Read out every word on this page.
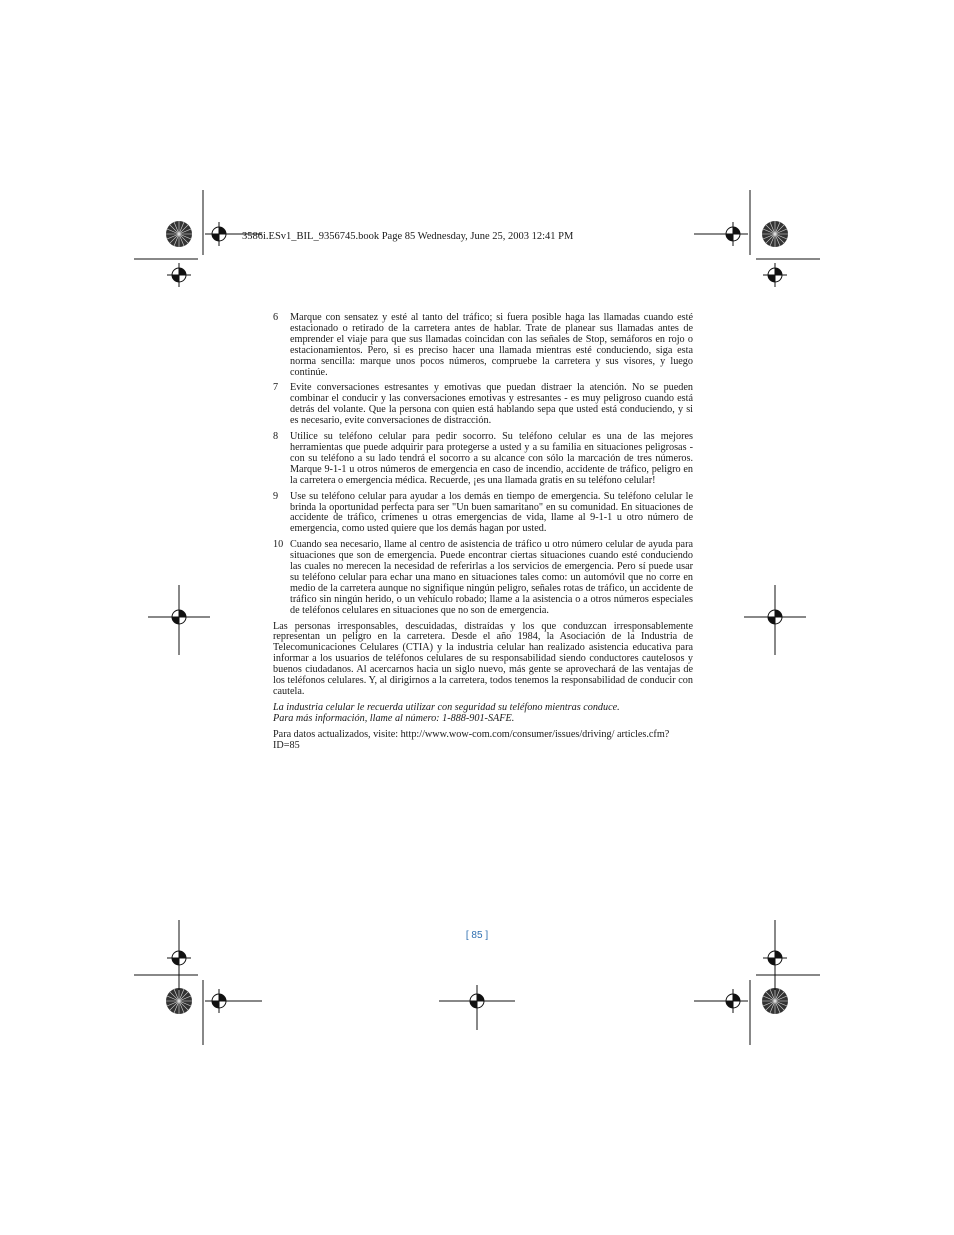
3586i.ESv1_BIL_9356745.book Page 85 Wednesday, June 25, 2003 12:41 PM
6 Marque con sensatez y esté al tanto del tráfico; si fuera posible haga las llamadas cuando esté estacionado o retirado de la carretera antes de hablar. Trate de planear sus llamadas antes de emprender el viaje para que sus llamadas coincidan con las señales de Stop, semáforos en rojo o estacionamientos. Pero, si es preciso hacer una llamada mientras esté conduciendo, siga esta norma sencilla: marque unos pocos números, compruebe la carretera y sus visores, y luego continúe.
7 Evite conversaciones estresantes y emotivas que puedan distraer la atención. No se pueden combinar el conducir y las conversaciones emotivas y estresantes - es muy peligroso cuando está detrás del volante. Que la persona con quien está hablando sepa que usted está conduciendo, y si es necesario, evite conversaciones de distracción.
8 Utilice su teléfono celular para pedir socorro. Su teléfono celular es una de las mejores herramientas que puede adquirir para protegerse a usted y a su familia en situaciones peligrosas - con su teléfono a su lado tendrá el socorro a su alcance con sólo la marcación de tres números. Marque 9-1-1 u otros números de emergencia en caso de incendio, accidente de tráfico, peligro en la carretera o emergencia médica. Recuerde, ¡es una llamada gratis en su teléfono celular!
9 Use su teléfono celular para ayudar a los demás en tiempo de emergencia. Su teléfono celular le brinda la oportunidad perfecta para ser "Un buen samaritano" en su comunidad. En situaciones de accidente de tráfico, crímenes u otras emergencias de vida, llame al 9-1-1 u otro número de emergencia, como usted quiere que los demás hagan por usted.
10 Cuando sea necesario, llame al centro de asistencia de tráfico u otro número celular de ayuda para situaciones que son de emergencia. Puede encontrar ciertas situaciones cuando esté conduciendo las cuales no merecen la necesidad de referirlas a los servicios de emergencia. Pero sí puede usar su teléfono celular para echar una mano en situaciones tales como: un automóvil que no corre en medio de la carretera aunque no signifique ningún peligro, señales rotas de tráfico, un accidente de tráfico sin ningún herido, o un vehículo robado; llame a la asistencia o a otros números especiales de teléfonos celulares en situaciones que no son de emergencia.

Las personas irresponsables, descuidadas, distraídas y los que conduzcan irresponsablemente representan un peligro en la carretera. Desde el año 1984, la Asociación de la Industria de Telecomunicaciones Celulares (CTIA) y la industria celular han realizado asistencia educativa para informar a los usuarios de teléfonos celulares de su responsabilidad siendo conductores cautelosos y buenos ciudadanos. Al acercarnos hacia un siglo nuevo, más gente se aprovechará de las ventajas de los teléfonos celulares. Y, al dirigirnos a la carretera, todos tenemos la responsabilidad de conducir con cautela.

La industria celular le recuerda utilizar con seguridad su teléfono mientras conduce.
Para más información, llame al número: 1-888-901-SAFE.

Para datos actualizados, visite: http://www.wow-com.com/consumer/issues/driving/ articles.cfm?ID=85

[ 85 ]
